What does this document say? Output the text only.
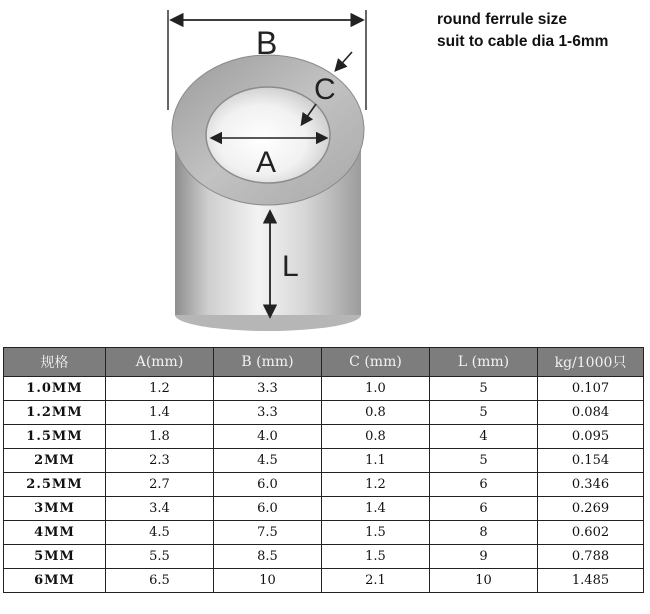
B
C
A
L
round ferrule size
suit to cable dia 1-6mm
规格	A(mm)	B (mm)	C (mm)	L (mm)	kg/1000只
1.0MM	1.2	3.3	1.0	5	0.107
1.2MM	1.4	3.3	0.8	5	0.084
1.5MM	1.8	4.0	0.8	4	0.095
2MM	2.3	4.5	1.1	5	0.154
2.5MM	2.7	6.0	1.2	6	0.346
3MM	3.4	6.0	1.4	6	0.269
4MM	4.5	7.5	1.5	8	0.602
5MM	5.5	8.5	1.5	9	0.788
6MM	6.5	10	2.1	10	1.485
